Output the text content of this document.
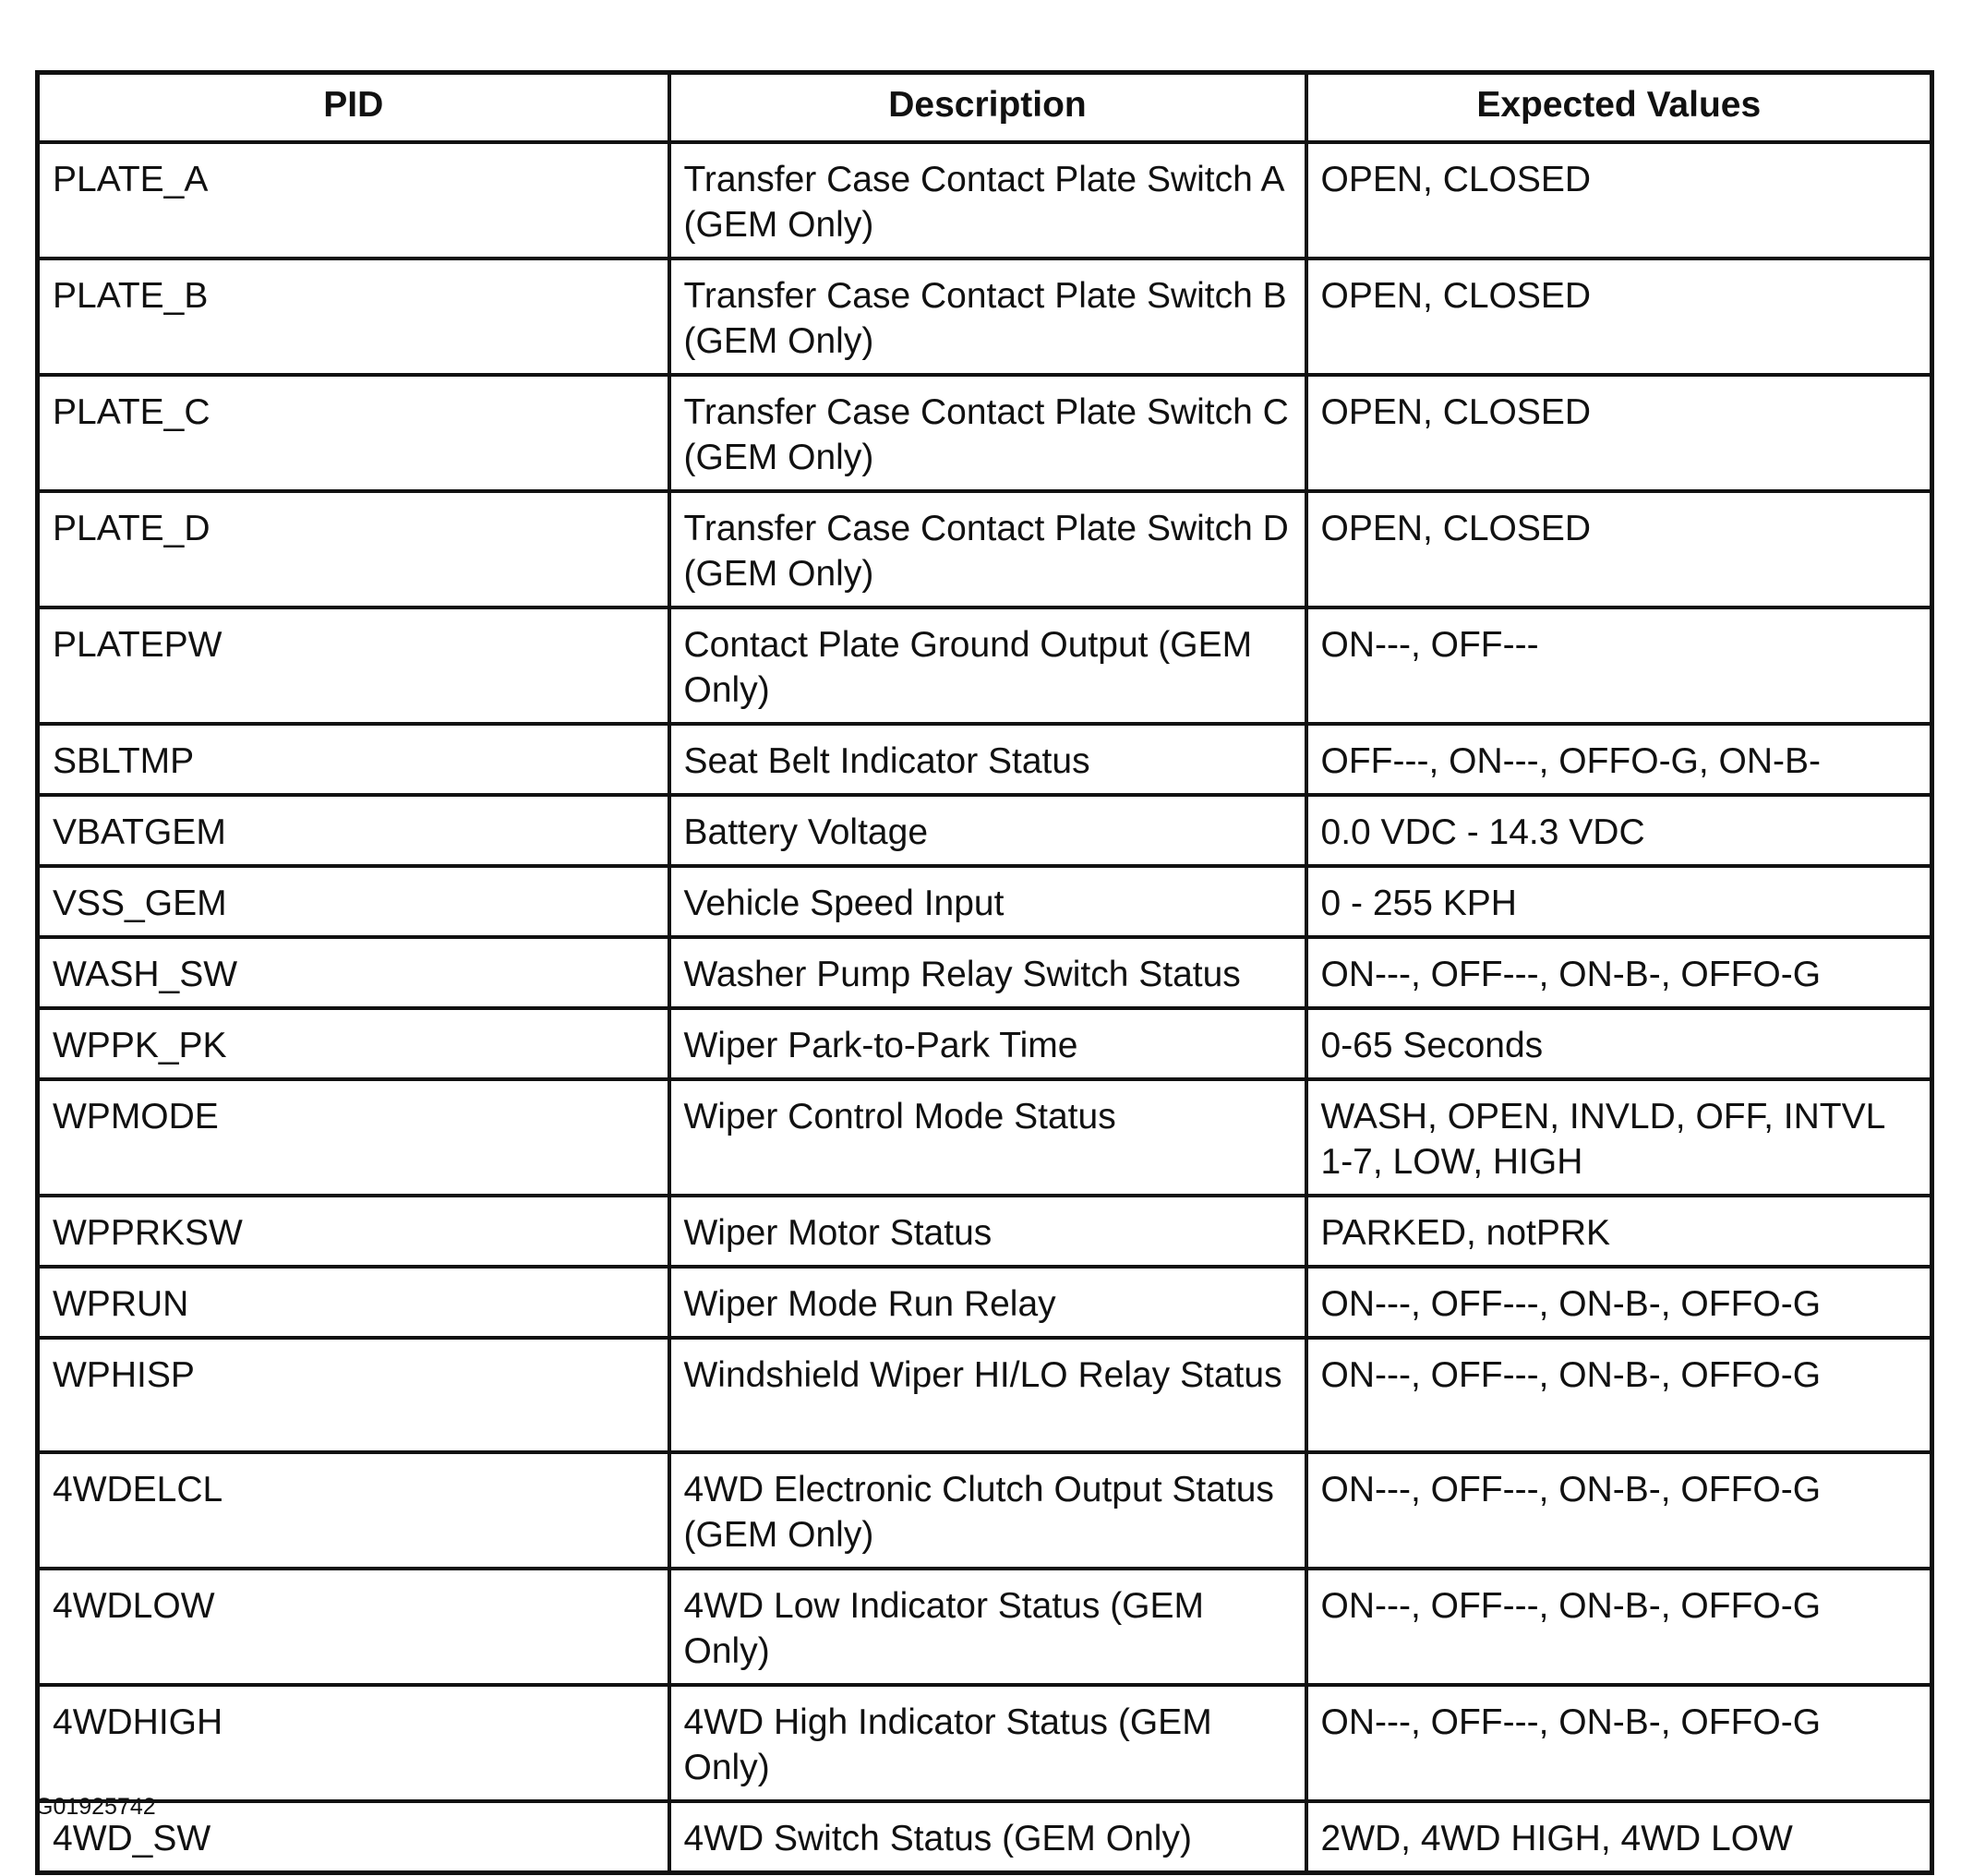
PID	Description	Expected Values
PLATE_A	Transfer Case Contact Plate Switch A (GEM Only)	OPEN, CLOSED
PLATE_B	Transfer Case Contact Plate Switch B (GEM Only)	OPEN, CLOSED
PLATE_C	Transfer Case Contact Plate Switch C (GEM Only)	OPEN, CLOSED
PLATE_D	Transfer Case Contact Plate Switch D (GEM Only)	OPEN, CLOSED
PLATEPW	Contact Plate Ground Output (GEM Only)	ON---, OFF---
SBLTMP	Seat Belt Indicator Status	OFF---, ON---, OFFO-G, ON-B-
VBATGEM	Battery Voltage	0.0 VDC - 14.3 VDC
VSS_GEM	Vehicle Speed Input	0 - 255 KPH
WASH_SW	Washer Pump Relay Switch Status	ON---, OFF---, ON-B-, OFFO-G
WPPK_PK	Wiper Park-to-Park Time	0-65 Seconds
WPMODE	Wiper Control Mode Status	WASH, OPEN, INVLD, OFF, INTVL 1-7, LOW, HIGH
WPPRKSW	Wiper Motor Status	PARKED, notPRK
WPRUN	Wiper Mode Run Relay	ON---, OFF---, ON-B-, OFFO-G
WPHISP	Windshield Wiper HI/LO Relay Status	ON---, OFF---, ON-B-, OFFO-G
4WDELCL	4WD Electronic Clutch Output Status (GEM Only)	ON---, OFF---, ON-B-, OFFO-G
4WDLOW	4WD Low Indicator Status (GEM Only)	ON---, OFF---, ON-B-, OFFO-G
4WDHIGH	4WD High Indicator Status (GEM Only)	ON---, OFF---, ON-B-, OFFO-G
4WD_SW	4WD Switch Status (GEM Only)	2WD, 4WD HIGH, 4WD LOW
G01925742
